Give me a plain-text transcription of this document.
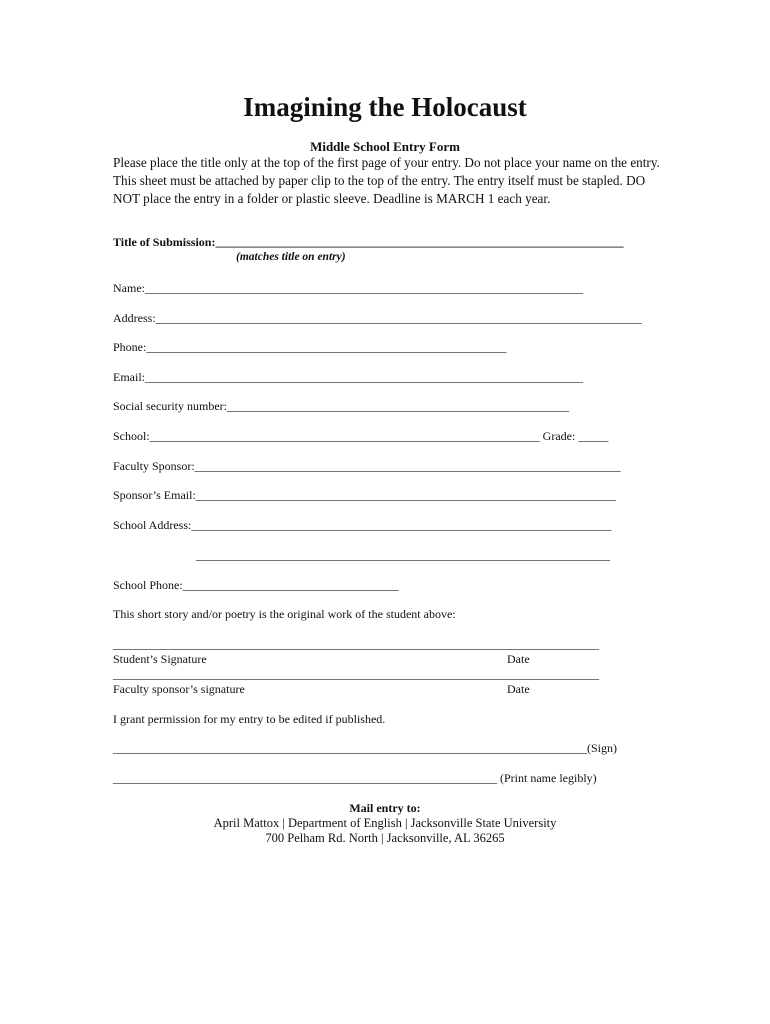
Imagining the Holocaust
Middle School Entry Form
Please place the title only at the top of the first page of your entry. Do not place your name on the entry. This sheet must be attached by paper clip to the top of the entry. The entry itself must be stapled. DO NOT place the entry in a folder or plastic sleeve. Deadline is MARCH 1 each year.
Title of Submission:____________________________________________________________________
(matches title on entry)
Name:_________________________________________________________________________
Address:_________________________________________________________________________________
Phone:____________________________________________________________
Email:_________________________________________________________________________
Social security number:_________________________________________________________
School:_________________________________________________________________ Grade: _____
Faculty Sponsor:_______________________________________________________________________
Sponsor’s Email:______________________________________________________________________
School Address:______________________________________________________________________
_____________________________________________________________________
School Phone:____________________________________
This short story and/or poetry is the original work of the student above:
_________________________________________________________________________________
Student’s Signature	Date
_________________________________________________________________________________
Faculty sponsor’s signature	Date
I grant permission for my entry to be edited if published.
_______________________________________________________________________________(Sign)
________________________________________________________________ (Print name legibly)
Mail entry to:
April Mattox | Department of English | Jacksonville State University
700 Pelham Rd. North | Jacksonville, AL 36265
